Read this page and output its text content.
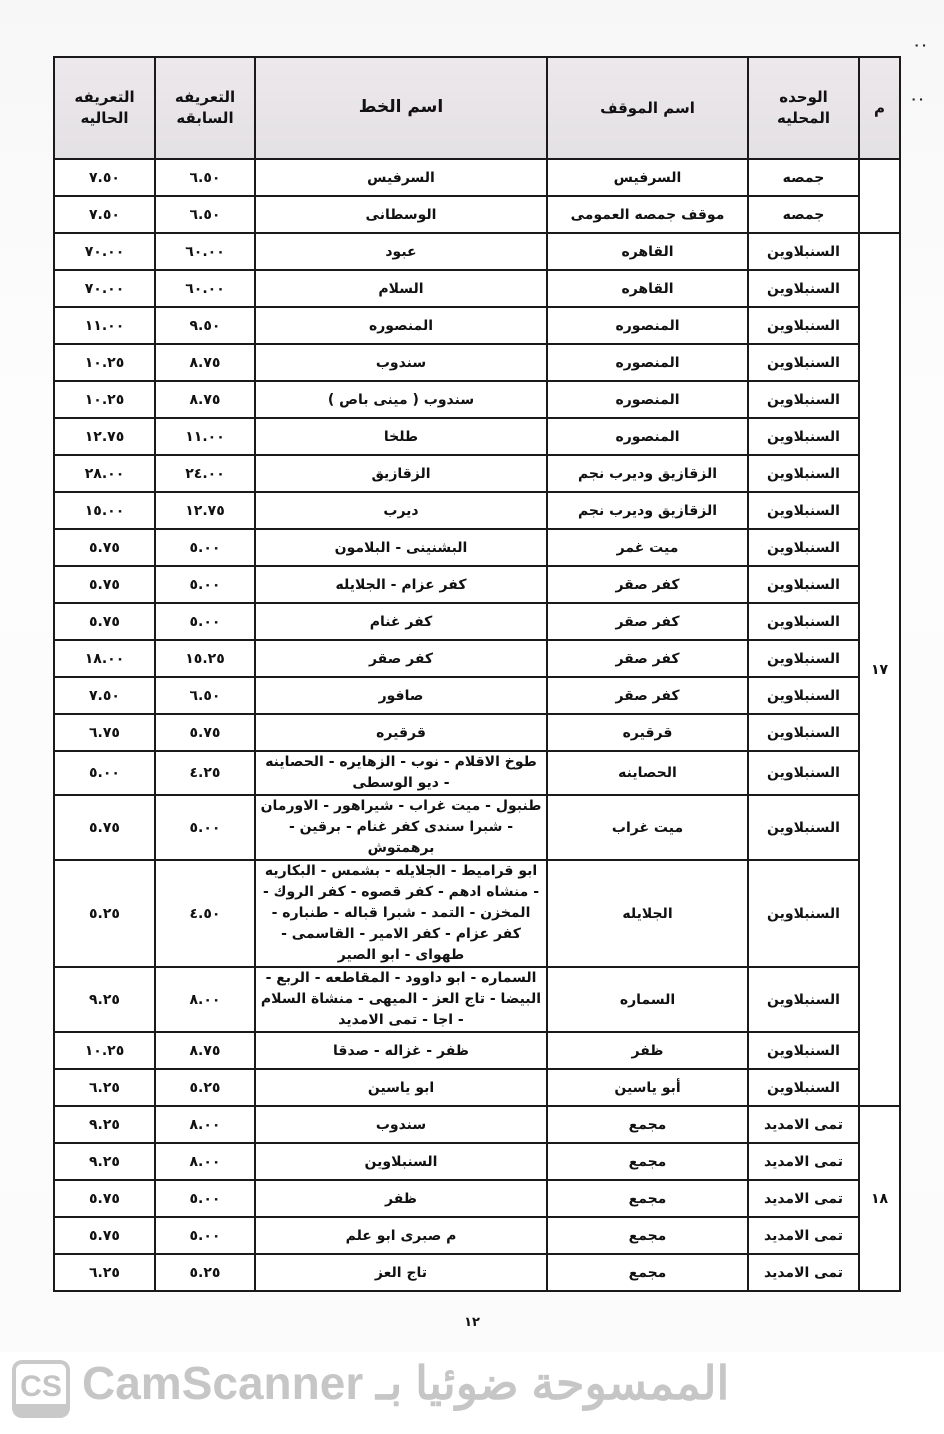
٠٠
٠٠
م	الوحده المحليه	اسم الموقف	اسم الخط	التعريفه السابقه	التعريفه الحاليه
	جمصه	السرفيس	السرفيس	٦.٥٠	٧.٥٠
	جمصه	موقف جمصه العمومى	الوسطانى	٦.٥٠	٧.٥٠
١٧	السنبلاوين	القاهره	عبود	٦٠.٠٠	٧٠.٠٠
	السنبلاوين	القاهره	السلام	٦٠.٠٠	٧٠.٠٠
	السنبلاوين	المنصوره	المنصوره	٩.٥٠	١١.٠٠
	السنبلاوين	المنصوره	سندوب	٨.٧٥	١٠.٢٥
	السنبلاوين	المنصوره	سندوب ( مينى باص )	٨.٧٥	١٠.٢٥
	السنبلاوين	المنصوره	طلخا	١١.٠٠	١٢.٧٥
	السنبلاوين	الزقازيق وديرب نجم	الزقازيق	٢٤.٠٠	٢٨.٠٠
	السنبلاوين	الزقازيق وديرب نجم	ديرب	١٢.٧٥	١٥.٠٠
	السنبلاوين	ميت غمر	البشنينى - البلامون	٥.٠٠	٥.٧٥
	السنبلاوين	كفر صقر	كفر عزام - الجلايله	٥.٠٠	٥.٧٥
	السنبلاوين	كفر صقر	كفر غنام	٥.٠٠	٥.٧٥
	السنبلاوين	كفر صقر	كفر صقر	١٥.٢٥	١٨.٠٠
	السنبلاوين	كفر صقر	صافور	٦.٥٠	٧.٥٠
	السنبلاوين	قرقيره	قرقيره	٥.٧٥	٦.٧٥
	السنبلاوين	الحصاينه	طوخ الاقلام - نوب - الزهايره - الحصاينه - ديو الوسطى	٤.٢٥	٥.٠٠
	السنبلاوين	ميت غراب	طنبول - ميت غراب - شيراهور - الاورمان - شبرا سندى كفر غنام - برقين - برهمتوش	٥.٠٠	٥.٧٥
	السنبلاوين	الجلايله	ابو قراميط - الجلايله - بشمس - البكاريه - منشاه ادهم - كفر قصوه - كفر الروك - المخزن - التمد - شبرا قباله - طنباره - كفر عزام - كفر الامير - القاسمى - طهواى - ابو الصير	٤.٥٠	٥.٢٥
	السنبلاوين	السماره	السماره - ابو داوود - المقاطعه - الربع - البيضا - تاج العز - الميهى - منشاة السلام - اجا - تمى الامديد	٨.٠٠	٩.٢٥
	السنبلاوين	ظفر	ظفر - غزاله - صدقا	٨.٧٥	١٠.٢٥
	السنبلاوين	أبو ياسين	ابو ياسين	٥.٢٥	٦.٢٥
١٨	تمى الامديد	مجمع	سندوب	٨.٠٠	٩.٢٥
	تمى الامديد	مجمع	السنبلاوين	٨.٠٠	٩.٢٥
	تمى الامديد	مجمع	ظفر	٥.٠٠	٥.٧٥
	تمى الامديد	مجمع	م صبرى ابو علم	٥.٠٠	٥.٧٥
	تمى الامديد	مجمع	تاج العز	٥.٢٥	٦.٢٥
١٢
CS الممسوحة ضوئيا بـ CamScanner
